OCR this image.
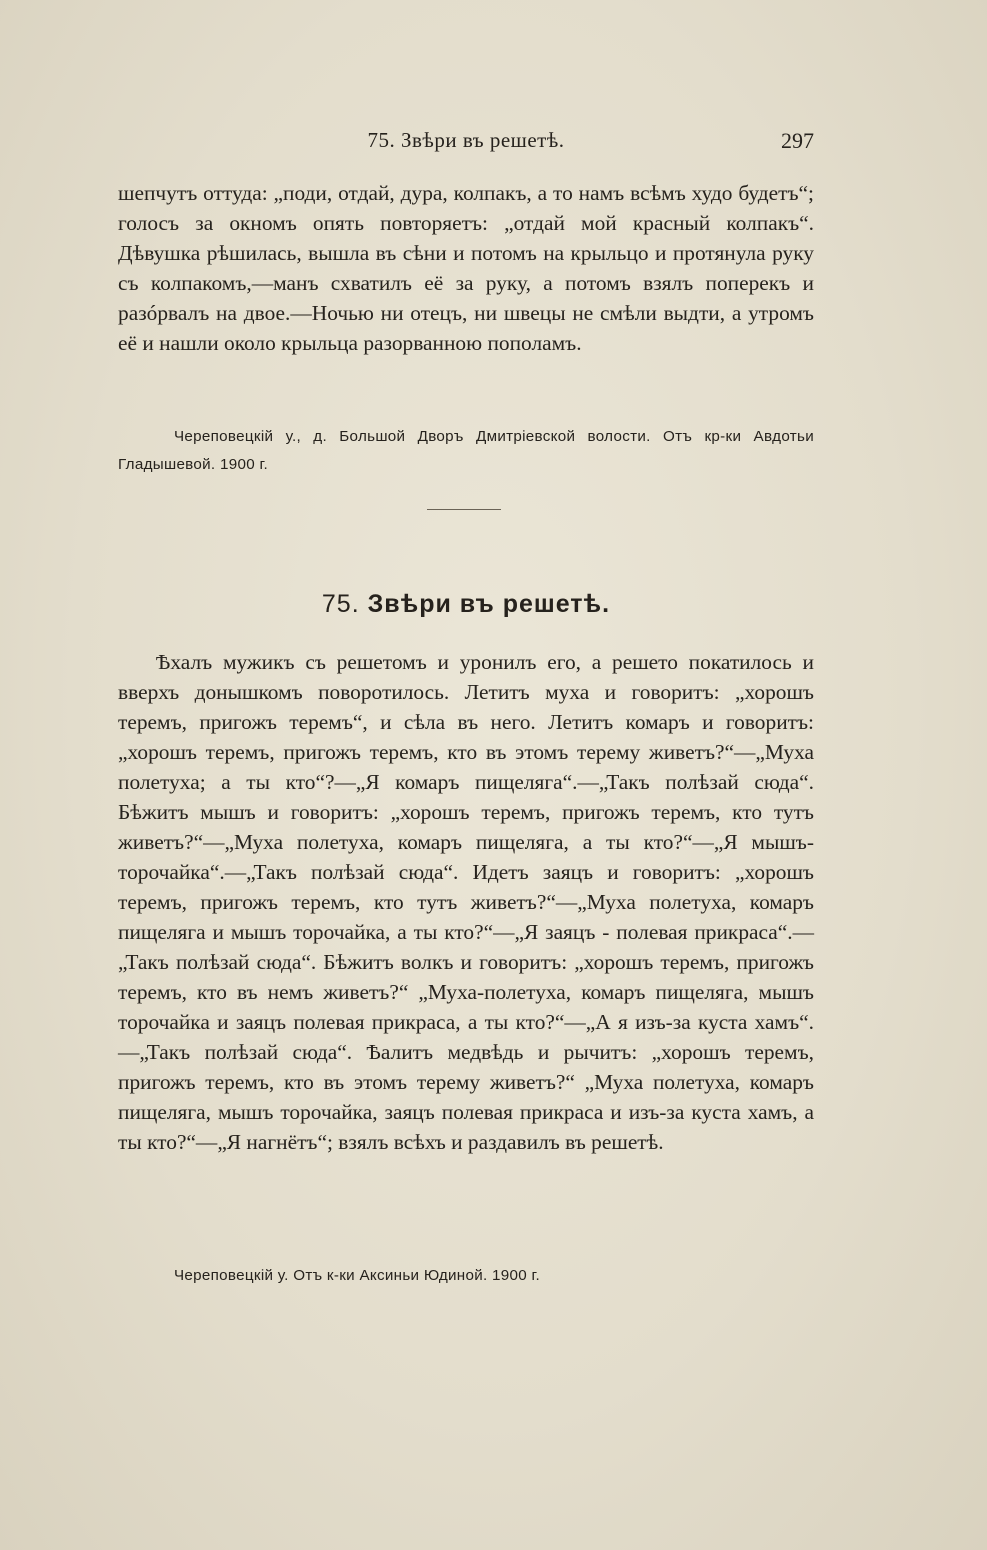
75. Звѣри въ решетѣ.	297

шепчутъ оттуда: „поди, отдай, дура, колпакъ, а то намъ всѣмъ худо будетъ“; голосъ за окномъ опять повторяетъ: „отдай мой красный колпакъ“. Дѣвушка рѣшилась, вышла въ сѣни и потомъ на крыльцо и протянула руку съ колпакомъ,—манъ схватилъ её за руку, а потомъ взялъ поперекъ и разóрвалъ на двое.—Ночью ни отецъ, ни швецы не смѣли выдти, а утромъ её и нашли около крыльца разорванною пополамъ.

Череповецкій у., д. Большой Дворъ Дмитріевской волости. Отъ кр-ки Авдотьи Гладышевой. 1900 г.

75. Звѣри въ решетѣ.

Ѣхалъ мужикъ съ решетомъ и уронилъ его, а решето покатилось и вверхъ донышкомъ поворотилось. Летитъ муха и говоритъ: „хорошъ теремъ, пригожъ теремъ“, и сѣла въ него. Летитъ комаръ и говоритъ: „хорошъ теремъ, пригожъ теремъ, кто въ этомъ терему живетъ?“—„Муха полетуха; а ты кто“?—„Я комаръ пищеляга“.—„Такъ полѣзай сюда“. Бѣжитъ мышъ и говоритъ: „хорошъ теремъ, пригожъ теремъ, кто тутъ живетъ?“—„Муха полетуха, комаръ пищеляга, а ты кто?“—„Я мышъ-торочайка“.—„Такъ полѣзай сюда“. Идетъ заяцъ и говоритъ: „хорошъ теремъ, пригожъ теремъ, кто тутъ живетъ?“—„Муха полетуха, комаръ пищеляга и мышъ торочайка, а ты кто?“—„Я заяцъ - полевая прикраса“.— „Такъ полѣзай сюда“. Бѣжитъ волкъ и говоритъ: „хорошъ теремъ, пригожъ теремъ, кто въ немъ живетъ?“ „Муха-полетуха, комаръ пищеляга, мышъ торочайка и заяцъ полевая прикраса, а ты кто?“—„А я изъ-за куста хамъ“.—„Такъ полѣзай сюда“. Ѣалитъ медвѣдь и рычитъ: „хорошъ теремъ, пригожъ теремъ, кто въ этомъ терему живетъ?“ „Муха полетуха, комаръ пищеляга, мышъ торочайка, заяцъ полевая прикраса и изъ-за куста хамъ, а ты кто?“—„Я нагнётъ“; взялъ всѣхъ и раздавилъ въ решетѣ.

Череповецкій у. Отъ к-ки Аксиньи Юдиной. 1900 г.
